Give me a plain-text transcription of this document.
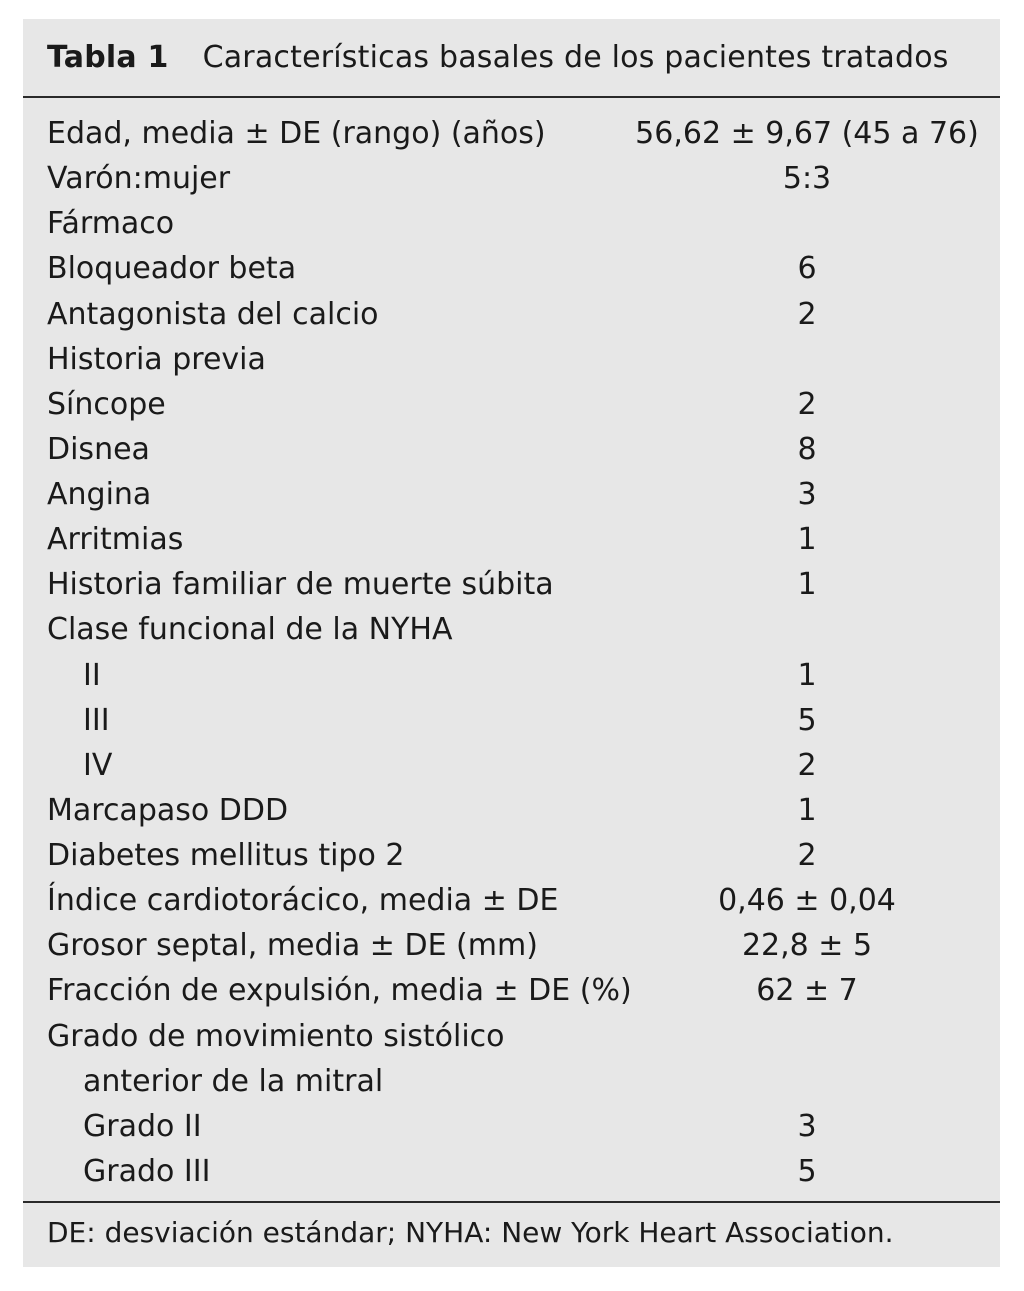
Tabla 1 Características basales de los pacientes tratados
Edad, media ± DE (rango) (años)	56,62 ± 9,67 (45 a 76)
Varón:mujer	5:3
Fármaco
Bloqueador beta	6
Antagonista del calcio	2
Historia previa
Síncope	2
Disnea	8
Angina	3
Arritmias	1
Historia familiar de muerte súbita	1
Clase funcional de la NYHA
II	1
III	5
IV	2
Marcapaso DDD	1
Diabetes mellitus tipo 2	2
Índice cardiotorácico, media ± DE	0,46 ± 0,04
Grosor septal, media ± DE (mm)	22,8 ± 5
Fracción de expulsión, media ± DE (%)	62 ± 7
Grado de movimiento sistólico
anterior de la mitral
Grado II	3
Grado III	5
DE: desviación estándar; NYHA: New York Heart Association.
